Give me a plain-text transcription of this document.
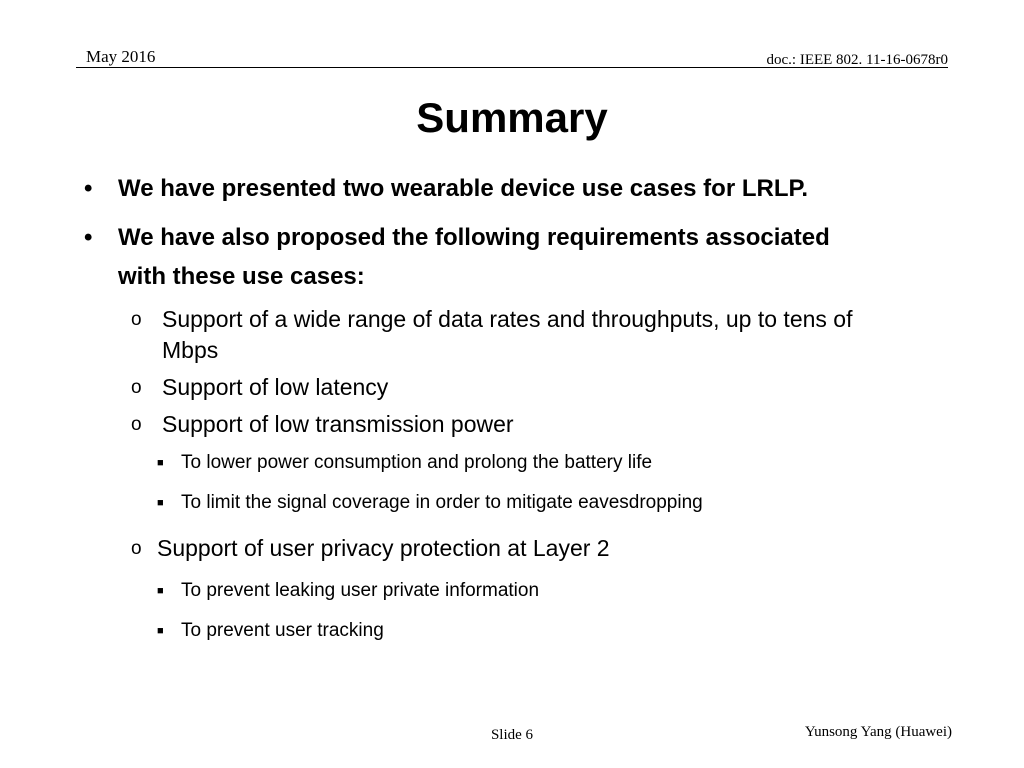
May 2016	doc.: IEEE 802. 11-16-0678r0
Summary
• We have presented two wearable device use cases for LRLP.
• We have also proposed the following requirements associated
with these use cases:
o Support of a wide range of data rates and throughputs, up to tens of
Mbps
o Support of low latency
o Support of low transmission power
■ To lower power consumption and prolong the battery life
■ To limit the signal coverage in order to mitigate eavesdropping
o Support of user privacy protection at Layer 2
■ To prevent leaking user private information
■ To prevent user tracking
Slide 6	Yunsong Yang (Huawei)
